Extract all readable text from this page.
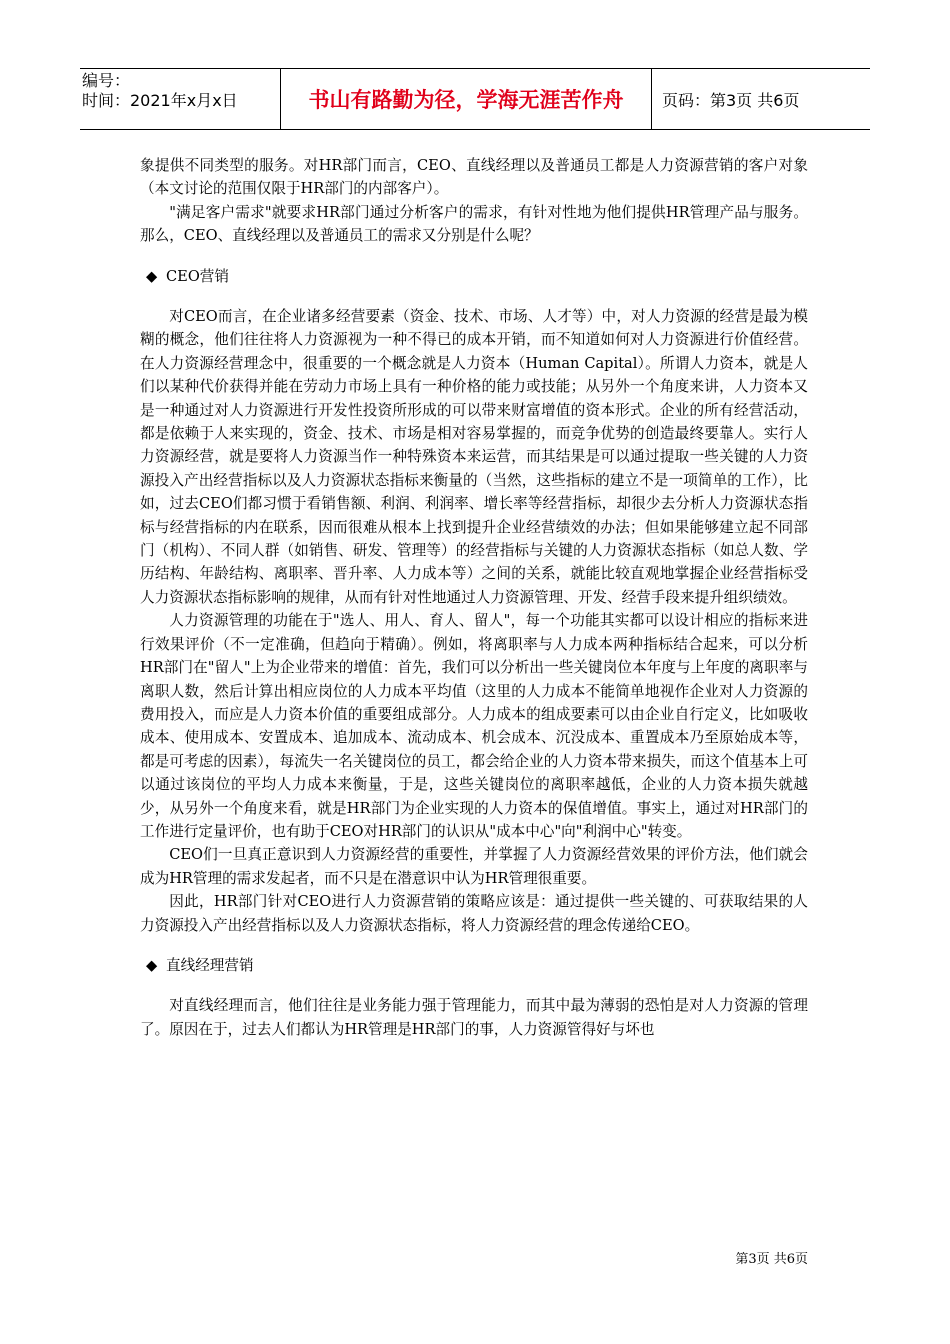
编号：
时间：2021年x月x日	书山有路勤为径，学海无涯苦作舟	页码：第3页 共6页

象提供不同类型的服务。对HR部门而言，CEO、直线经理以及普通员工都是人力资源营销的客户对象（本文讨论的范围仅限于HR部门的内部客户）。

"满足客户需求"就要求HR部门通过分析客户的需求，有针对性地为他们提供HR管理产品与服务。那么，CEO、直线经理以及普通员工的需求又分别是什么呢？

◆ CEO营销

对CEO而言，在企业诸多经营要素（资金、技术、市场、人才等）中，对人力资源的经营是最为模糊的概念，他们往往将人力资源视为一种不得已的成本开销，而不知道如何对人力资源进行价值经营。在人力资源经营理念中，很重要的一个概念就是人力资本（Human Capital）。所谓人力资本，就是人们以某种代价获得并能在劳动力市场上具有一种价格的能力或技能；从另外一个角度来讲，人力资本又是一种通过对人力资源进行开发性投资所形成的可以带来财富增值的资本形式。企业的所有经营活动，都是依赖于人来实现的，资金、技术、市场是相对容易掌握的，而竞争优势的创造最终要靠人。实行人力资源经营，就是要将人力资源当作一种特殊资本来运营，而其结果是可以通过提取一些关键的人力资源投入产出经营指标以及人力资源状态指标来衡量的（当然，这些指标的建立不是一项简单的工作），比如，过去CEO们都习惯于看销售额、利润、利润率、增长率等经营指标，却很少去分析人力资源状态指标与经营指标的内在联系，因而很难从根本上找到提升企业经营绩效的办法；但如果能够建立起不同部门（机构）、不同人群（如销售、研发、管理等）的经营指标与关键的人力资源状态指标（如总人数、学历结构、年龄结构、离职率、晋升率、人力成本等）之间的关系，就能比较直观地掌握企业经营指标受人力资源状态指标影响的规律，从而有针对性地通过人力资源管理、开发、经营手段来提升组织绩效。

人力资源管理的功能在于"选人、用人、育人、留人"，每一个功能其实都可以设计相应的指标来进行效果评价（不一定准确，但趋向于精确）。例如，将离职率与人力成本两种指标结合起来，可以分析HR部门在"留人"上为企业带来的增值：首先，我们可以分析出一些关键岗位本年度与上年度的离职率与离职人数，然后计算出相应岗位的人力成本平均值（这里的人力成本不能简单地视作企业对人力资源的费用投入，而应是人力资本价值的重要组成部分。人力成本的组成要素可以由企业自行定义，比如吸收成本、使用成本、安置成本、追加成本、流动成本、机会成本、沉没成本、重置成本乃至原始成本等，都是可考虑的因素），每流失一名关键岗位的员工，都会给企业的人力资本带来损失，而这个值基本上可以通过该岗位的平均人力成本来衡量，于是，这些关键岗位的离职率越低，企业的人力资本损失就越少，从另外一个角度来看，就是HR部门为企业实现的人力资本的保值增值。事实上，通过对HR部门的工作进行定量评价，也有助于CEO对HR部门的认识从"成本中心"向"利润中心"转变。

CEO们一旦真正意识到人力资源经营的重要性，并掌握了人力资源经营效果的评价方法，他们就会成为HR管理的需求发起者，而不只是在潜意识中认为HR管理很重要。

因此，HR部门针对CEO进行人力资源营销的策略应该是：通过提供一些关键的、可获取结果的人力资源投入产出经营指标以及人力资源状态指标，将人力资源经营的理念传递给CEO。

◆ 直线经理营销

对直线经理而言，他们往往是业务能力强于管理能力，而其中最为薄弱的恐怕是对人力资源的管理了。原因在于，过去人们都认为HR管理是HR部门的事，人力资源管得好与坏也

第3页 共6页
